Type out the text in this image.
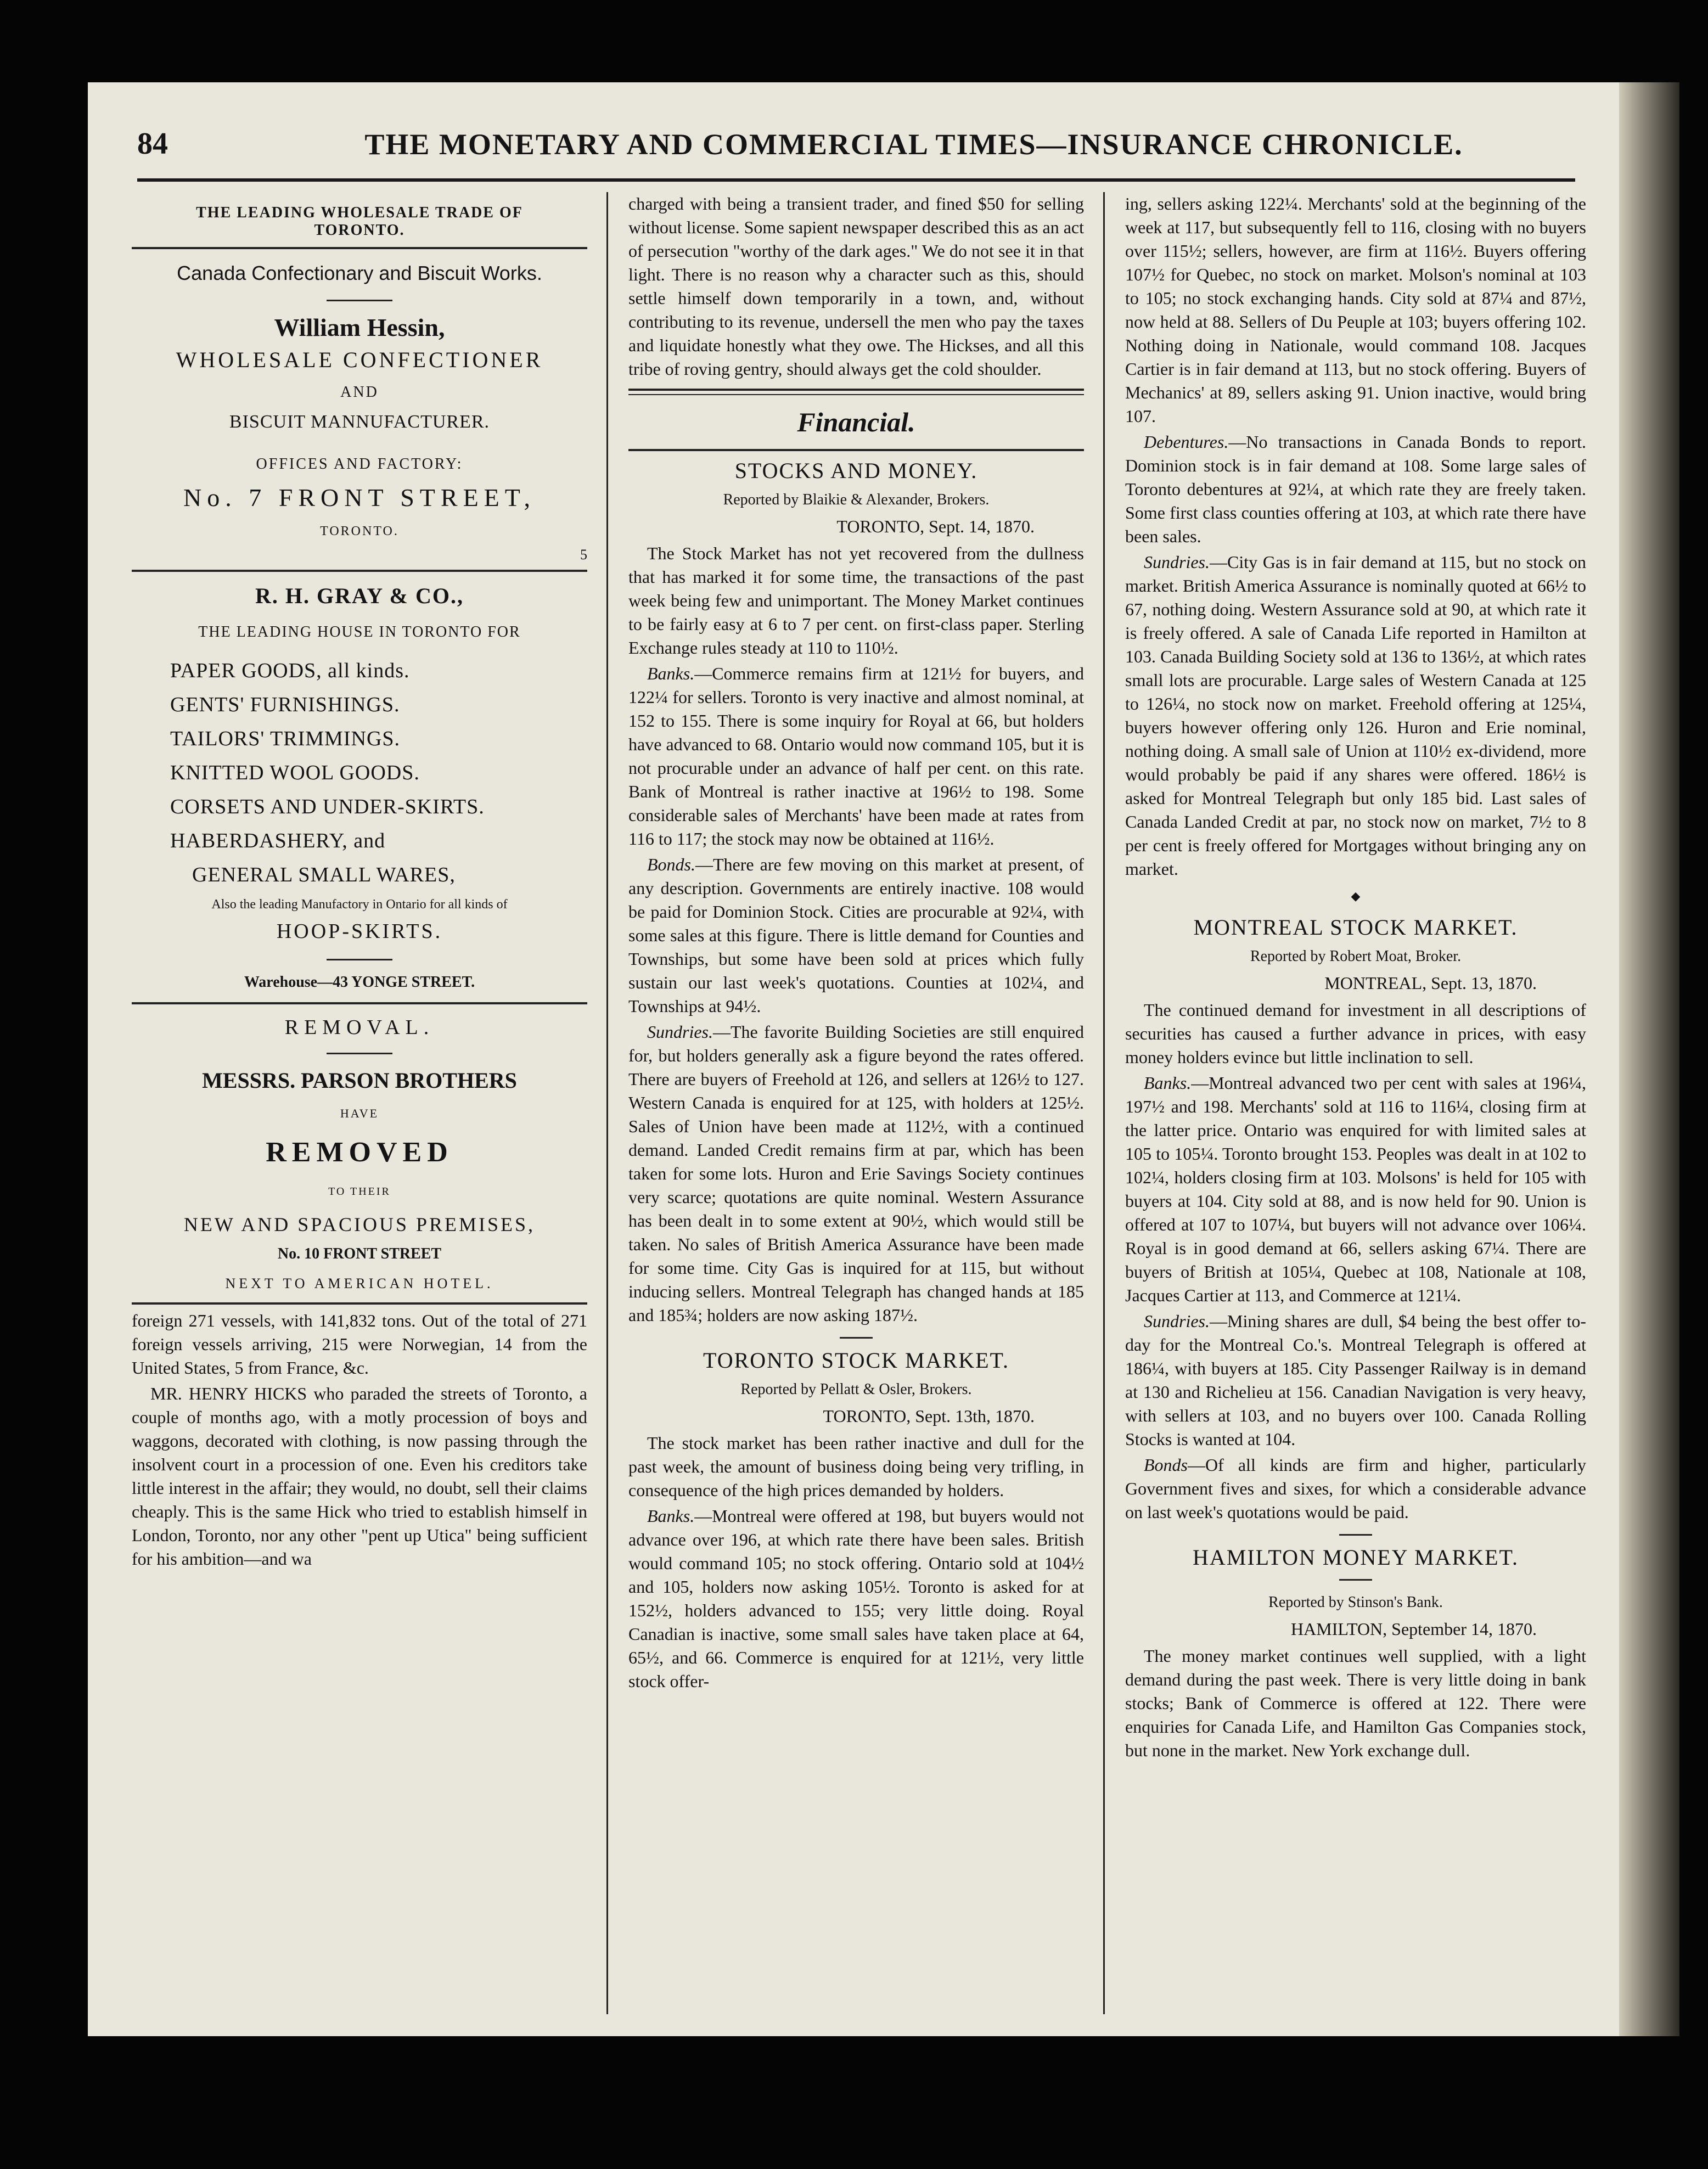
84	THE MONETARY AND COMMERCIAL TIMES—INSURANCE CHRONICLE.
THE LEADING WHOLESALE TRADE OF TORONTO.
Canada Confectionary and Biscuit Works.
William Hessin,
WHOLESALE CONFECTIONER
AND
BISCUIT MANNUFACTURER.
OFFICES AND FACTORY:
No. 7 FRONT STREET,
TORONTO.
5
R. H. GRAY & CO.,
THE LEADING HOUSE IN TORONTO FOR
PAPER GOODS, all kinds.
GENTS' FURNISHINGS.
TAILORS' TRIMMINGS.
KNITTED WOOL GOODS.
CORSETS AND UNDER-SKIRTS.
HABERDASHERY, and
GENERAL SMALL WARES,
Also the leading Manufactory in Ontario for all kinds of
HOOP-SKIRTS.
Warehouse—43 YONGE STREET.
REMOVAL.
MESSRS. PARSON BROTHERS
HAVE
REMOVED
TO THEIR
NEW AND SPACIOUS PREMISES,
No. 10 FRONT STREET
NEXT TO AMERICAN HOTEL.

foreign 271 vessels, with 141,832 tons. Out of the total of 271 foreign vessels arriving, 215 were Norwegian, 14 from the United States, 5 from France, &c.

MR. HENRY HICKS who paraded the streets of Toronto, a couple of months ago, with a motly procession of boys and waggons, decorated with clothing, is now passing through the insolvent court in a procession of one. Even his creditors take little interest in the affair; they would, no doubt, sell their claims cheaply. This is the same Hick who tried to establish himself in London, Toronto, nor any other "pent up Utica" being sufficient for his ambition—and wa

charged with being a transient trader, and fined $50 for selling without license. Some sapient newspaper described this as an act of persecution "worthy of the dark ages." We do not see it in that light. There is no reason why a character such as this, should settle himself down temporarily in a town, and, without contributing to its revenue, undersell the men who pay the taxes and liquidate honestly what they owe. The Hickses, and all this tribe of roving gentry, should always get the cold shoulder.

Financial.
STOCKS AND MONEY.
Reported by Blaikie & Alexander, Brokers.
TORONTO, Sept. 14, 1870.

The Stock Market has not yet recovered from the dullness that has marked it for some time, the transactions of the past week being few and unimportant. The Money Market continues to be fairly easy at 6 to 7 per cent. on first-class paper. Sterling Exchange rules steady at 110 to 110½.

Banks.—Commerce remains firm at 121½ for buyers, and 122¼ for sellers. Toronto is very inactive and almost nominal, at 152 to 155. There is some inquiry for Royal at 66, but holders have advanced to 68. Ontario would now command 105, but it is not procurable under an advance of half per cent. on this rate. Bank of Montreal is rather inactive at 196½ to 198. Some considerable sales of Merchants' have been made at rates from 116 to 117; the stock may now be obtained at 116½.

Bonds.—There are few moving on this market at present, of any description. Governments are entirely inactive. 108 would be paid for Dominion Stock. Cities are procurable at 92¼, with some sales at this figure. There is little demand for Counties and Townships, but some have been sold at prices which fully sustain our last week's quotations. Counties at 102¼, and Townships at 94½.

Sundries.—The favorite Building Societies are still enquired for, but holders generally ask a figure beyond the rates offered. There are buyers of Freehold at 126, and sellers at 126½ to 127. Western Canada is enquired for at 125, with holders at 125½. Sales of Union have been made at 112½, with a continued demand. Landed Credit remains firm at par, which has been taken for some lots. Huron and Erie Savings Society continues very scarce; quotations are quite nominal. Western Assurance has been dealt in to some extent at 90½, which would still be taken. No sales of British America Assurance have been made for some time. City Gas is inquired for at 115, but without inducing sellers. Montreal Telegraph has changed hands at 185 and 185¾; holders are now asking 187½.

TORONTO STOCK MARKET.
Reported by Pellatt & Osler, Brokers.
TORONTO, Sept. 13th, 1870.

The stock market has been rather inactive and dull for the past week, the amount of business doing being very trifling, in consequence of the high prices demanded by holders.

Banks.—Montreal were offered at 198, but buyers would not advance over 196, at which rate there have been sales. British would command 105; no stock offering. Ontario sold at 104½ and 105, holders now asking 105½. Toronto is asked for at 152½, holders advanced to 155; very little doing. Royal Canadian is inactive, some small sales have taken place at 64, 65½, and 66. Commerce is enquired for at 121½, very little stock offer-

ing, sellers asking 122¼. Merchants' sold at the beginning of the week at 117, but subsequently fell to 116, closing with no buyers over 115½; sellers, however, are firm at 116½. Buyers offering 107½ for Quebec, no stock on market. Molson's nominal at 103 to 105; no stock exchanging hands. City sold at 87¼ and 87½, now held at 88. Sellers of Du Peuple at 103; buyers offering 102. Nothing doing in Nationale, would command 108. Jacques Cartier is in fair demand at 113, but no stock offering. Buyers of Mechanics' at 89, sellers asking 91. Union inactive, would bring 107.

Debentures.—No transactions in Canada Bonds to report. Dominion stock is in fair demand at 108. Some large sales of Toronto debentures at 92¼, at which rate they are freely taken. Some first class counties offering at 103, at which rate there have been sales.

Sundries.—City Gas is in fair demand at 115, but no stock on market. British America Assurance is nominally quoted at 66½ to 67, nothing doing. Western Assurance sold at 90, at which rate it is freely offered. A sale of Canada Life reported in Hamilton at 103. Canada Building Society sold at 136 to 136½, at which rates small lots are procurable. Large sales of Western Canada at 125 to 126¼, no stock now on market. Freehold offering at 125¼, buyers however offering only 126. Huron and Erie nominal, nothing doing. A small sale of Union at 110½ ex-dividend, more would probably be paid if any shares were offered. 186½ is asked for Montreal Telegraph but only 185 bid. Last sales of Canada Landed Credit at par, no stock now on market, 7½ to 8 per cent is freely offered for Mortgages without bringing any on market.

◆
MONTREAL STOCK MARKET.
Reported by Robert Moat, Broker.
MONTREAL, Sept. 13, 1870.

The continued demand for investment in all descriptions of securities has caused a further advance in prices, with easy money holders evince but little inclination to sell.

Banks.—Montreal advanced two per cent with sales at 196¼, 197½ and 198. Merchants' sold at 116 to 116¼, closing firm at the latter price. Ontario was enquired for with limited sales at 105 to 105¼. Toronto brought 153. Peoples was dealt in at 102 to 102¼, holders closing firm at 103. Molsons' is held for 105 with buyers at 104. City sold at 88, and is now held for 90. Union is offered at 107 to 107¼, but buyers will not advance over 106¼. Royal is in good demand at 66, sellers asking 67¼. There are buyers of British at 105¼, Quebec at 108, Nationale at 108, Jacques Cartier at 113, and Commerce at 121¼.

Sundries.—Mining shares are dull, $4 being the best offer to-day for the Montreal Co.'s. Montreal Telegraph is offered at 186¼, with buyers at 185. City Passenger Railway is in demand at 130 and Richelieu at 156. Canadian Navigation is very heavy, with sellers at 103, and no buyers over 100. Canada Rolling Stocks is wanted at 104.

Bonds—Of all kinds are firm and higher, particularly Government fives and sixes, for which a considerable advance on last week's quotations would be paid.

HAMILTON MONEY MARKET.
Reported by Stinson's Bank.
HAMILTON, September 14, 1870.

The money market continues well supplied, with a light demand during the past week. There is very little doing in bank stocks; Bank of Commerce is offered at 122. There were enquiries for Canada Life, and Hamilton Gas Companies stock, but none in the market. New York exchange dull.
